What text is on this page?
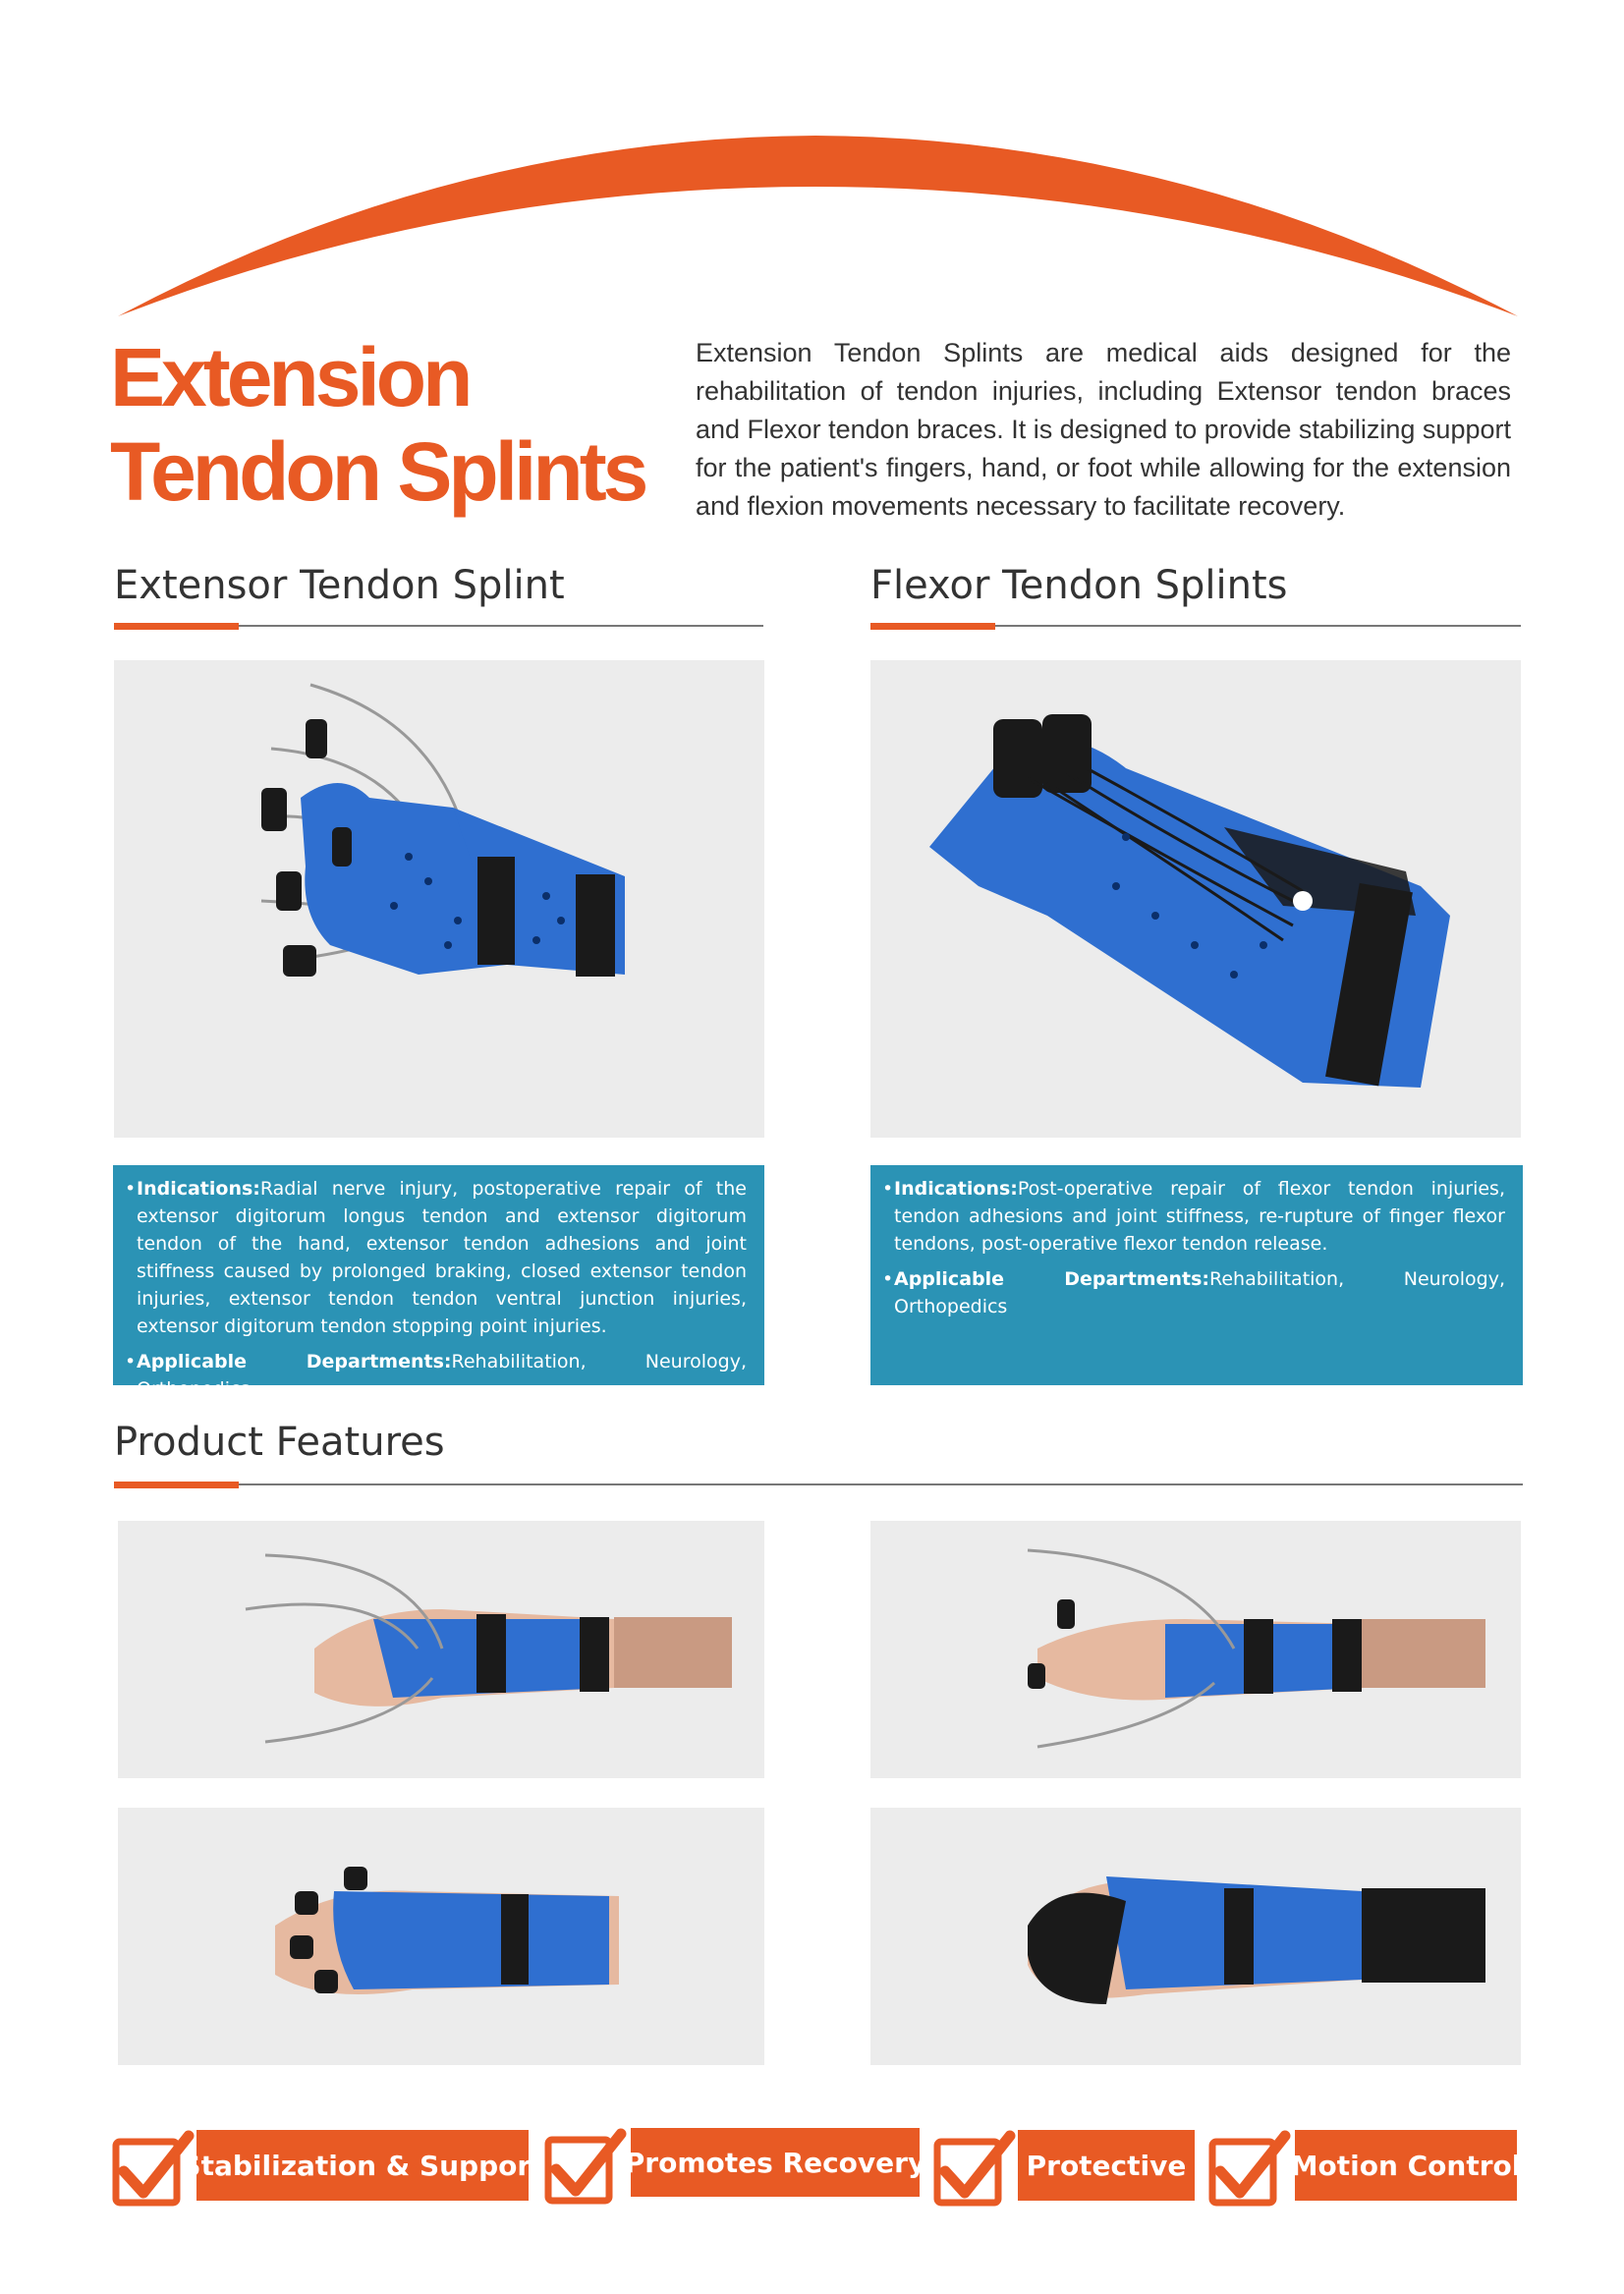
Extension
Tendon Splints
Extension Tendon Splints are medical aids designed for the rehabilitation of tendon injuries, including Extensor tendon braces and Flexor tendon braces. It is designed to provide stabilizing support for the patient's fingers, hand, or foot while allowing for the extension and flexion movements necessary to facilitate recovery.
Extensor Tendon Splint	Flexor Tendon Splints
• Indications:Radial nerve injury, postoperative repair of the extensor digitorum longus tendon and extensor digitorum tendon of the hand, extensor tendon adhesions and joint stiffness caused by prolonged braking, closed extensor tendon injuries, extensor tendon tendon ventral junction injuries, extensor digitorum tendon stopping point injuries.
• Applicable Departments:Rehabilitation, Neurology, Orthopedics.
• Indications:Post-operative repair of flexor tendon injuries, tendon adhesions and joint stiffness, re-rupture of finger flexor tendons, post-operative flexor tendon release.
• Applicable Departments:Rehabilitation, Neurology, Orthopedics
Product Features
Stabilization & Support	Promotes Recovery	Protective	Motion Control
